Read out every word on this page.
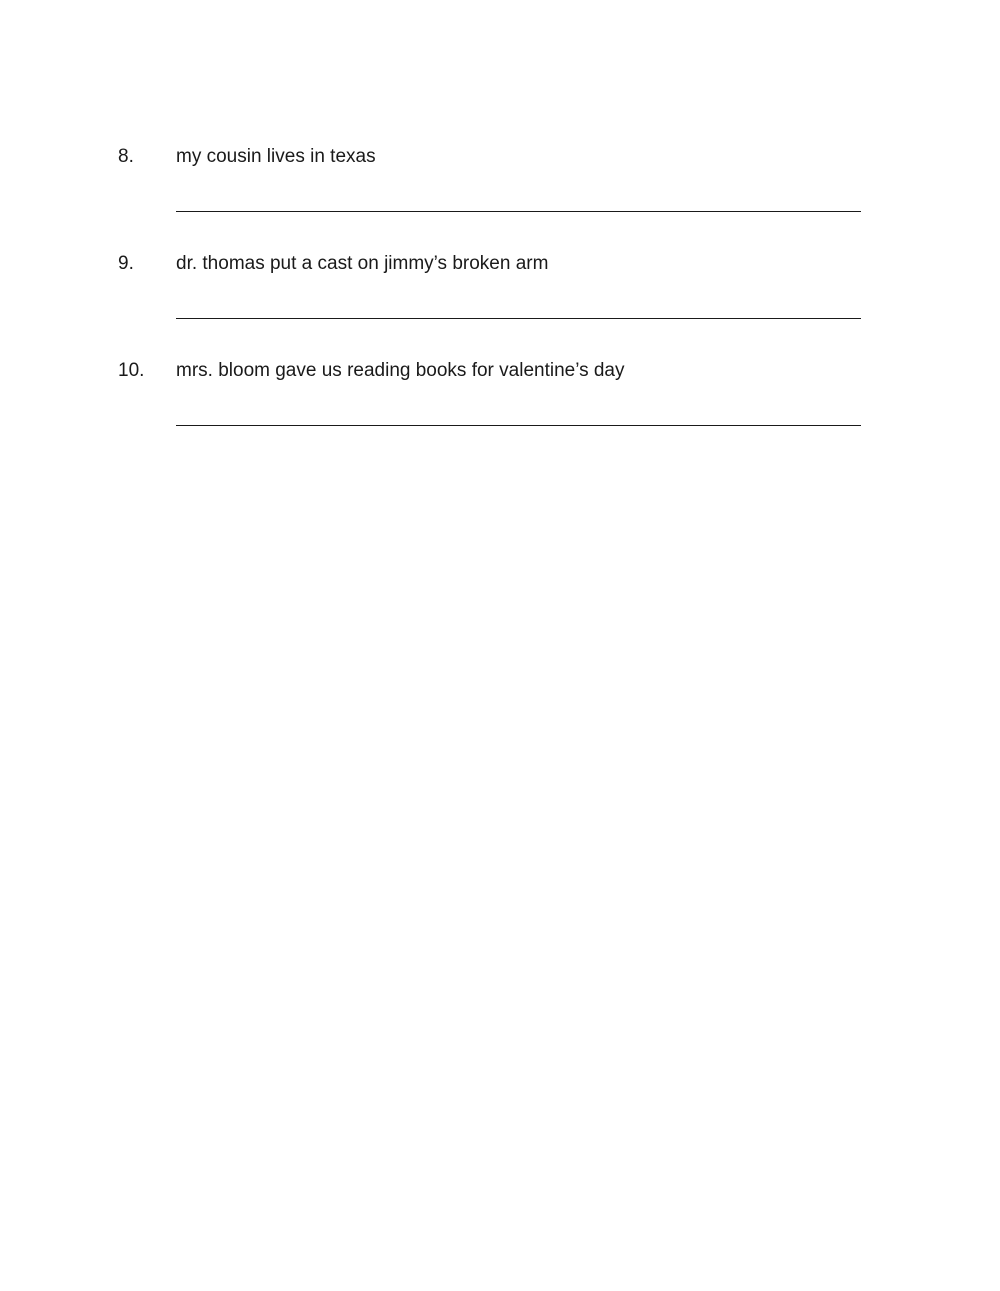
8. my cousin lives in texas
9. dr. thomas put a cast on jimmy’s broken arm
10. mrs. bloom gave us reading books for valentine’s day
